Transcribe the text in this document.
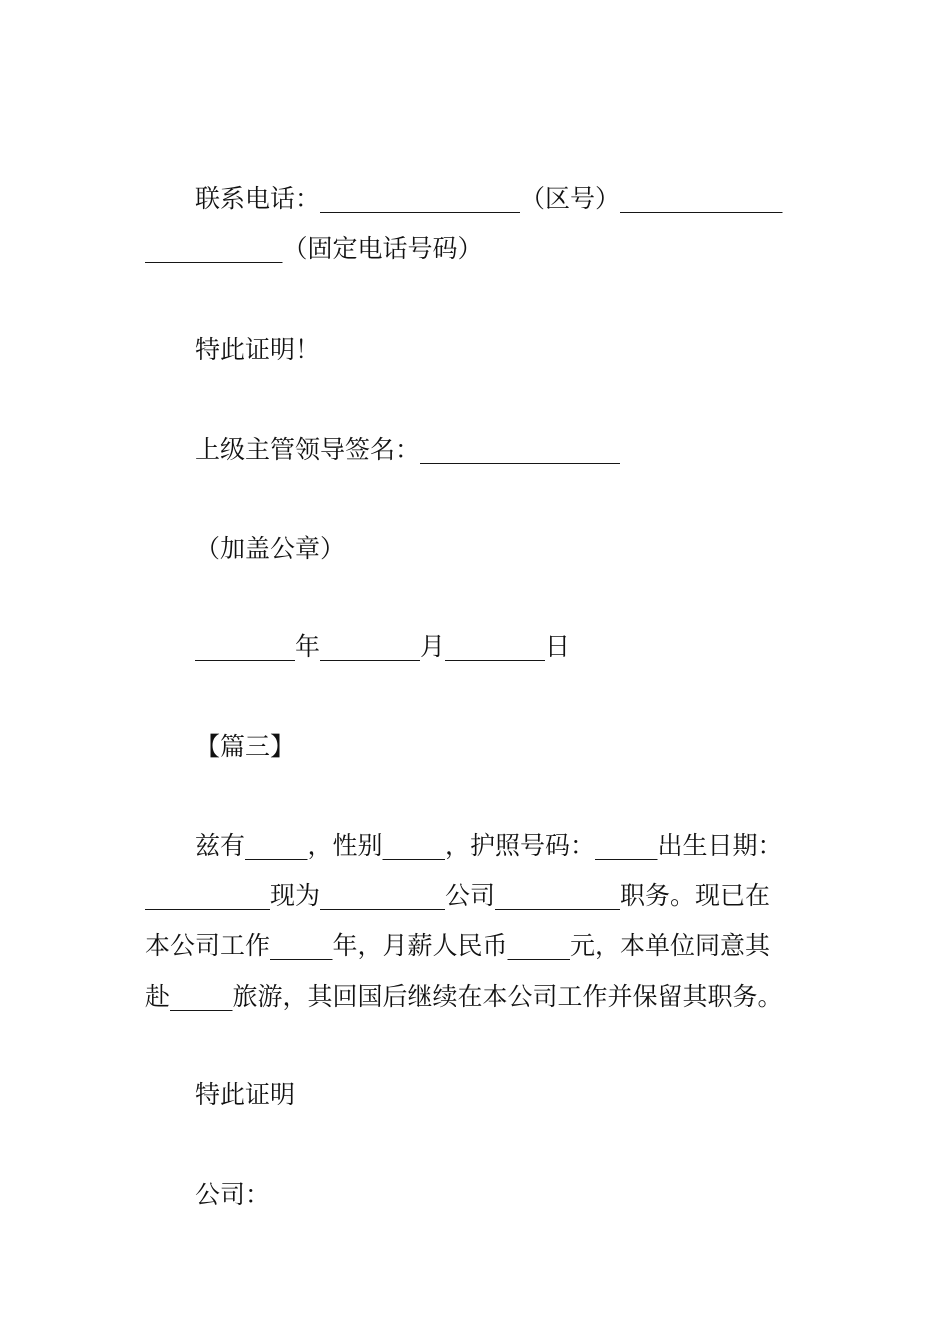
联系电话：________________（区号）_____________

___________（固定电话号码）

特此证明！

上级主管领导签名：________________

（加盖公章）

________年________月________日

【篇三】

兹有_____，性别_____，护照号码：_____出生日期：

__________现为__________公司__________职务。现已在

本公司工作_____年，月薪人民币_____元，本单位同意其

赴_____旅游，其回国后继续在本公司工作并保留其职务。

特此证明

公司：
